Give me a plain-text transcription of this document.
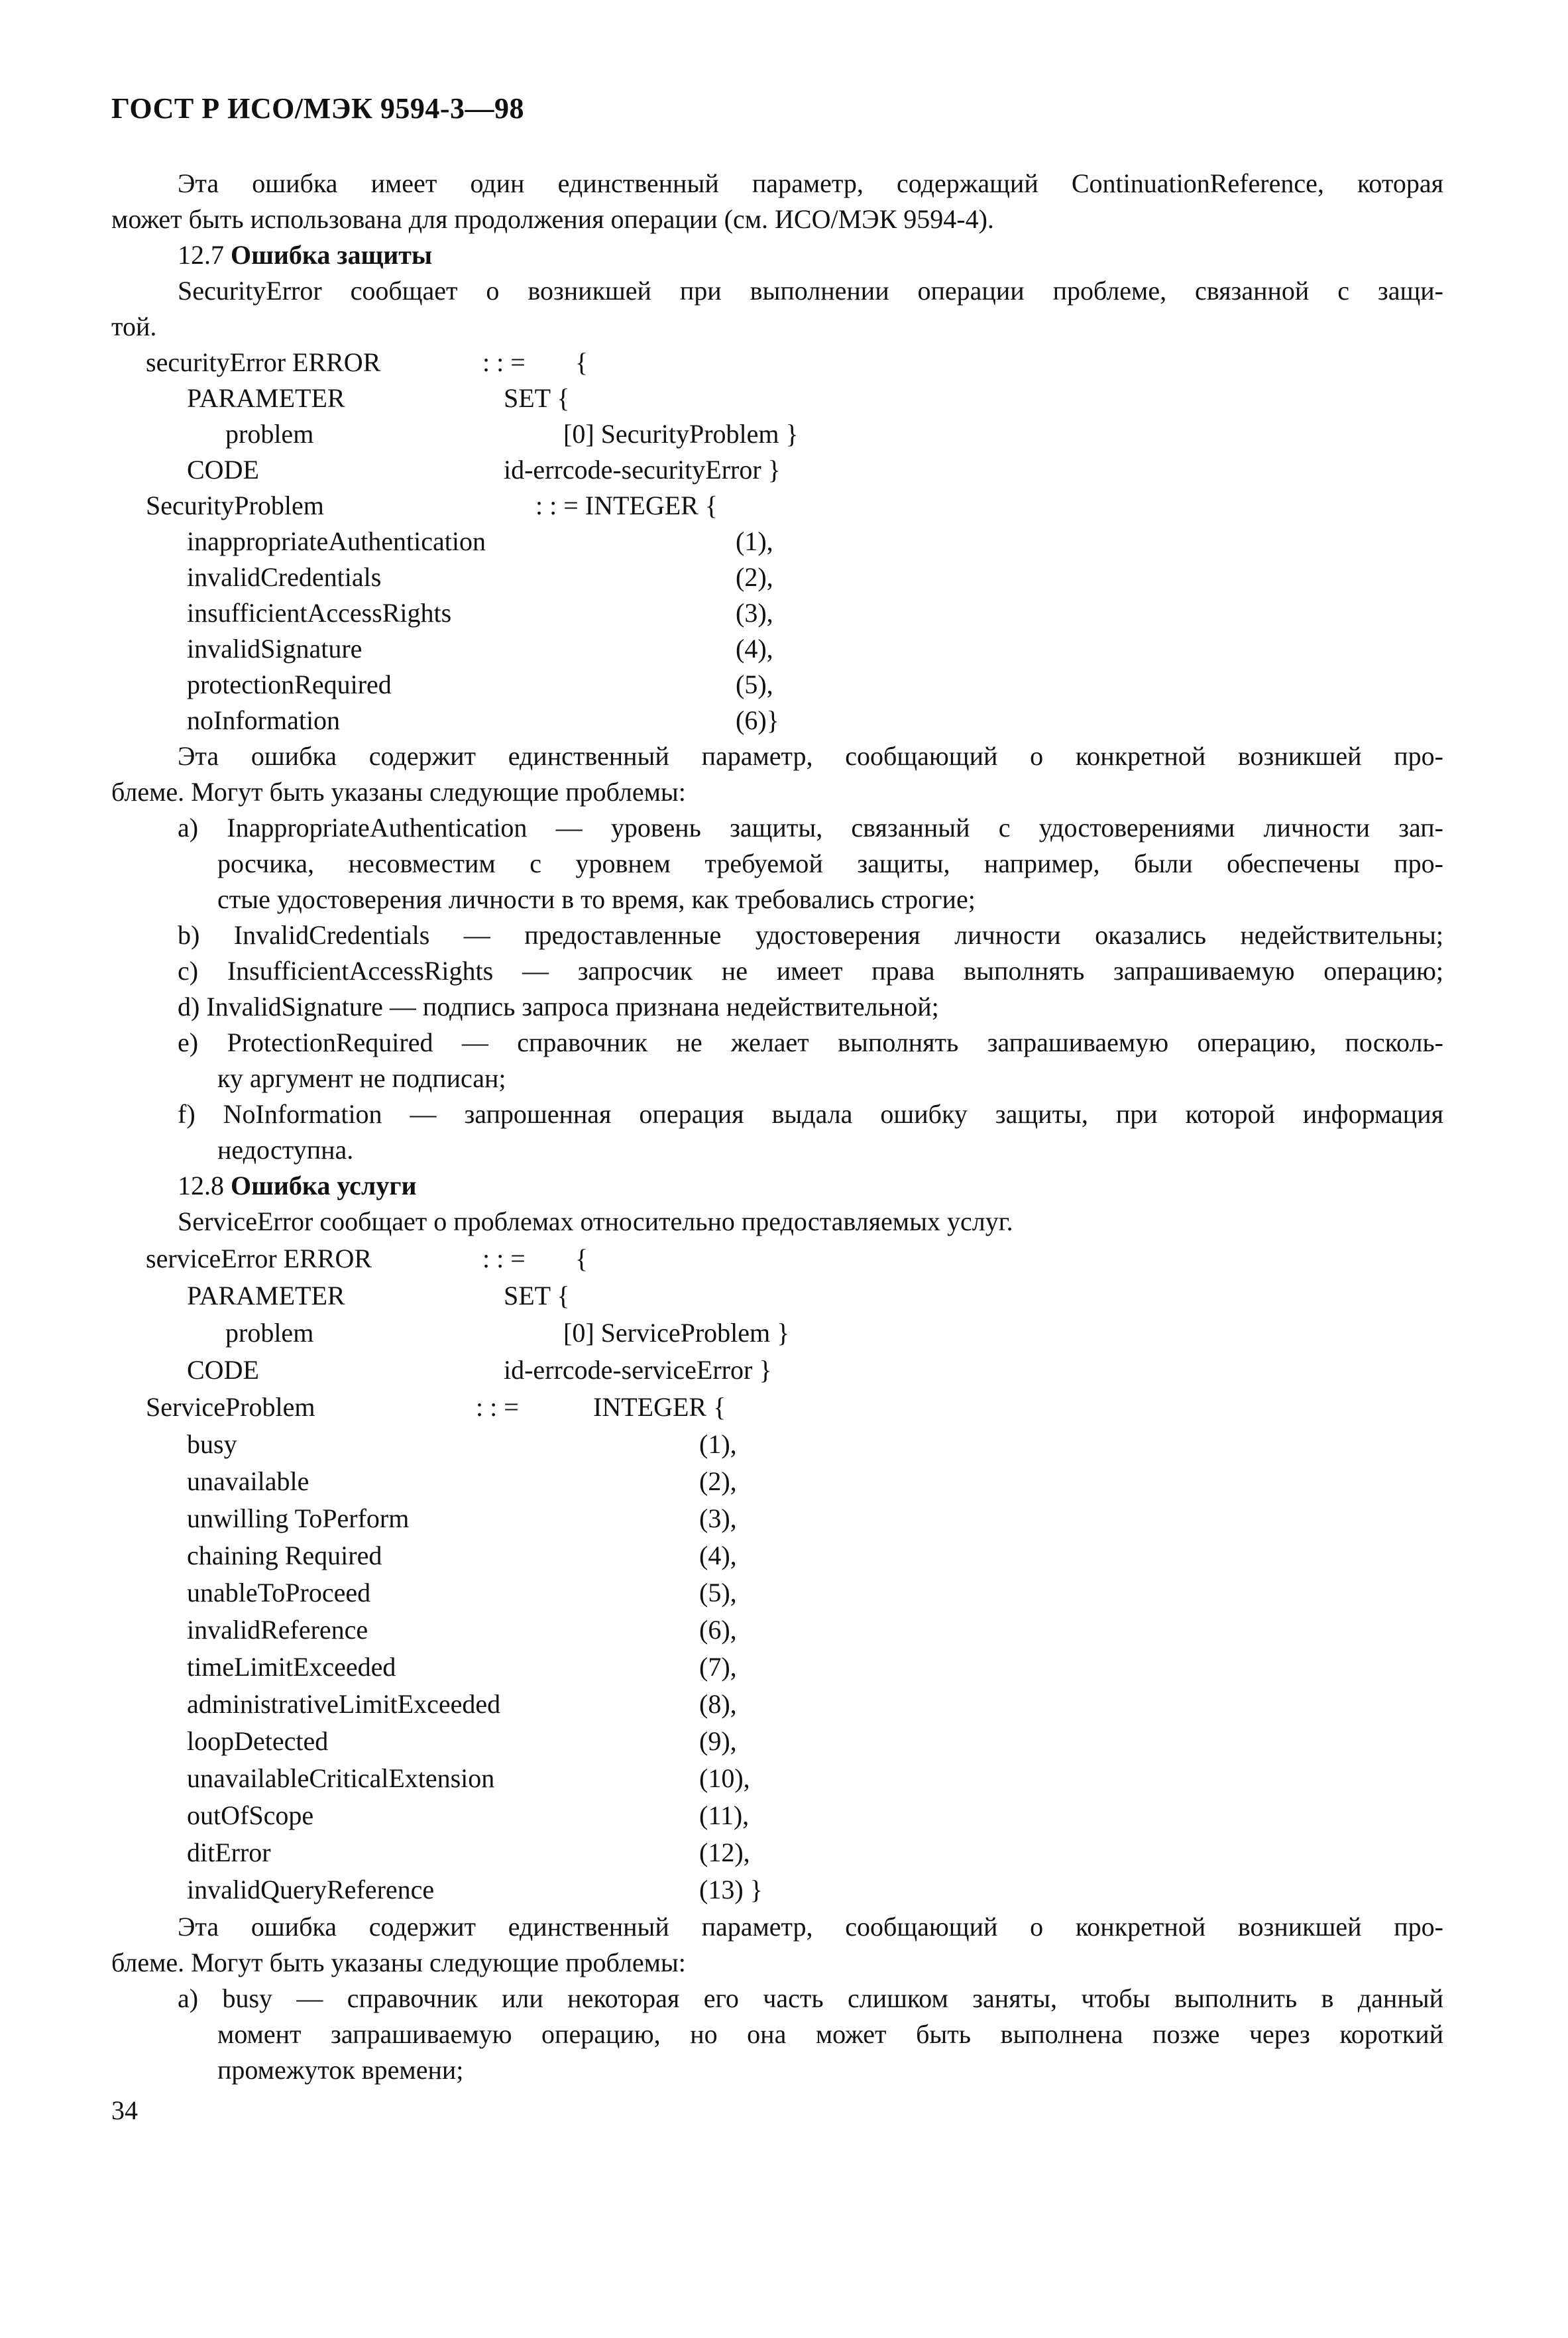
ГОСТ Р ИСО/МЭК 9594-3—98
Эта ошибка имеет один единственный параметр, содержащий ContinuationReference, которая
может быть использована для продолжения операции (см. ИСО/МЭК 9594-4).
12.7 Ошибка защиты
SecurityError сообщает о возникшей при выполнении операции проблеме, связанной с защи-
той.
securityError ERROR	: : = {
PARAMETER	SET {
problem	[0] SecurityProblem }
CODE	id-errcode-securityError }
SecurityProblem	: : = INTEGER {
inappropriateAuthentication	(1),
invalidCredentials	(2),
insufficientAccessRights	(3),
invalidSignature	(4),
protectionRequired	(5),
noInformation	(6)}
Эта ошибка содержит единственный параметр, сообщающий о конкретной возникшей про-
блеме. Могут быть указаны следующие проблемы:
a) InappropriateAuthentication — уровень защиты, связанный с удостоверениями личности зап-
росчика, несовместим с уровнем требуемой защиты, например, были обеспечены про-
стые удостоверения личности в то время, как требовались строгие;
b) InvalidCredentials — предоставленные удостоверения личности оказались недействительны;
c) InsufficientAccessRights — запросчик не имеет права выполнять запрашиваемую операцию;
d) InvalidSignature — подпись запроса признана недействительной;
e) ProtectionRequired — справочник не желает выполнять запрашиваемую операцию, посколь-
ку аргумент не подписан;
f) NoInformation — запрошенная операция выдала ошибку защиты, при которой информация
недоступна.
12.8 Ошибка услуги
ServiceError сообщает о проблемах относительно предоставляемых услуг.
serviceError ERROR	: : = {
PARAMETER	SET {
problem	[0] ServiceProblem }
CODE	id-errcode-serviceError }
ServiceProblem	: : =	INTEGER {
busy	(1),
unavailable	(2),
unwilling ToPerform	(3),
chaining Required	(4),
unableToProceed	(5),
invalidReference	(6),
timeLimitExceeded	(7),
administrativeLimitExceeded	(8),
loopDetected	(9),
unavailableCriticalExtension	(10),
outOfScope	(11),
ditError	(12),
invalidQueryReference	(13) }
Эта ошибка содержит единственный параметр, сообщающий о конкретной возникшей про-
блеме. Могут быть указаны следующие проблемы:
a) busy — справочник или некоторая его часть слишком заняты, чтобы выполнить в данный
момент запрашиваемую операцию, но она может быть выполнена позже через короткий
промежуток времени;
34
